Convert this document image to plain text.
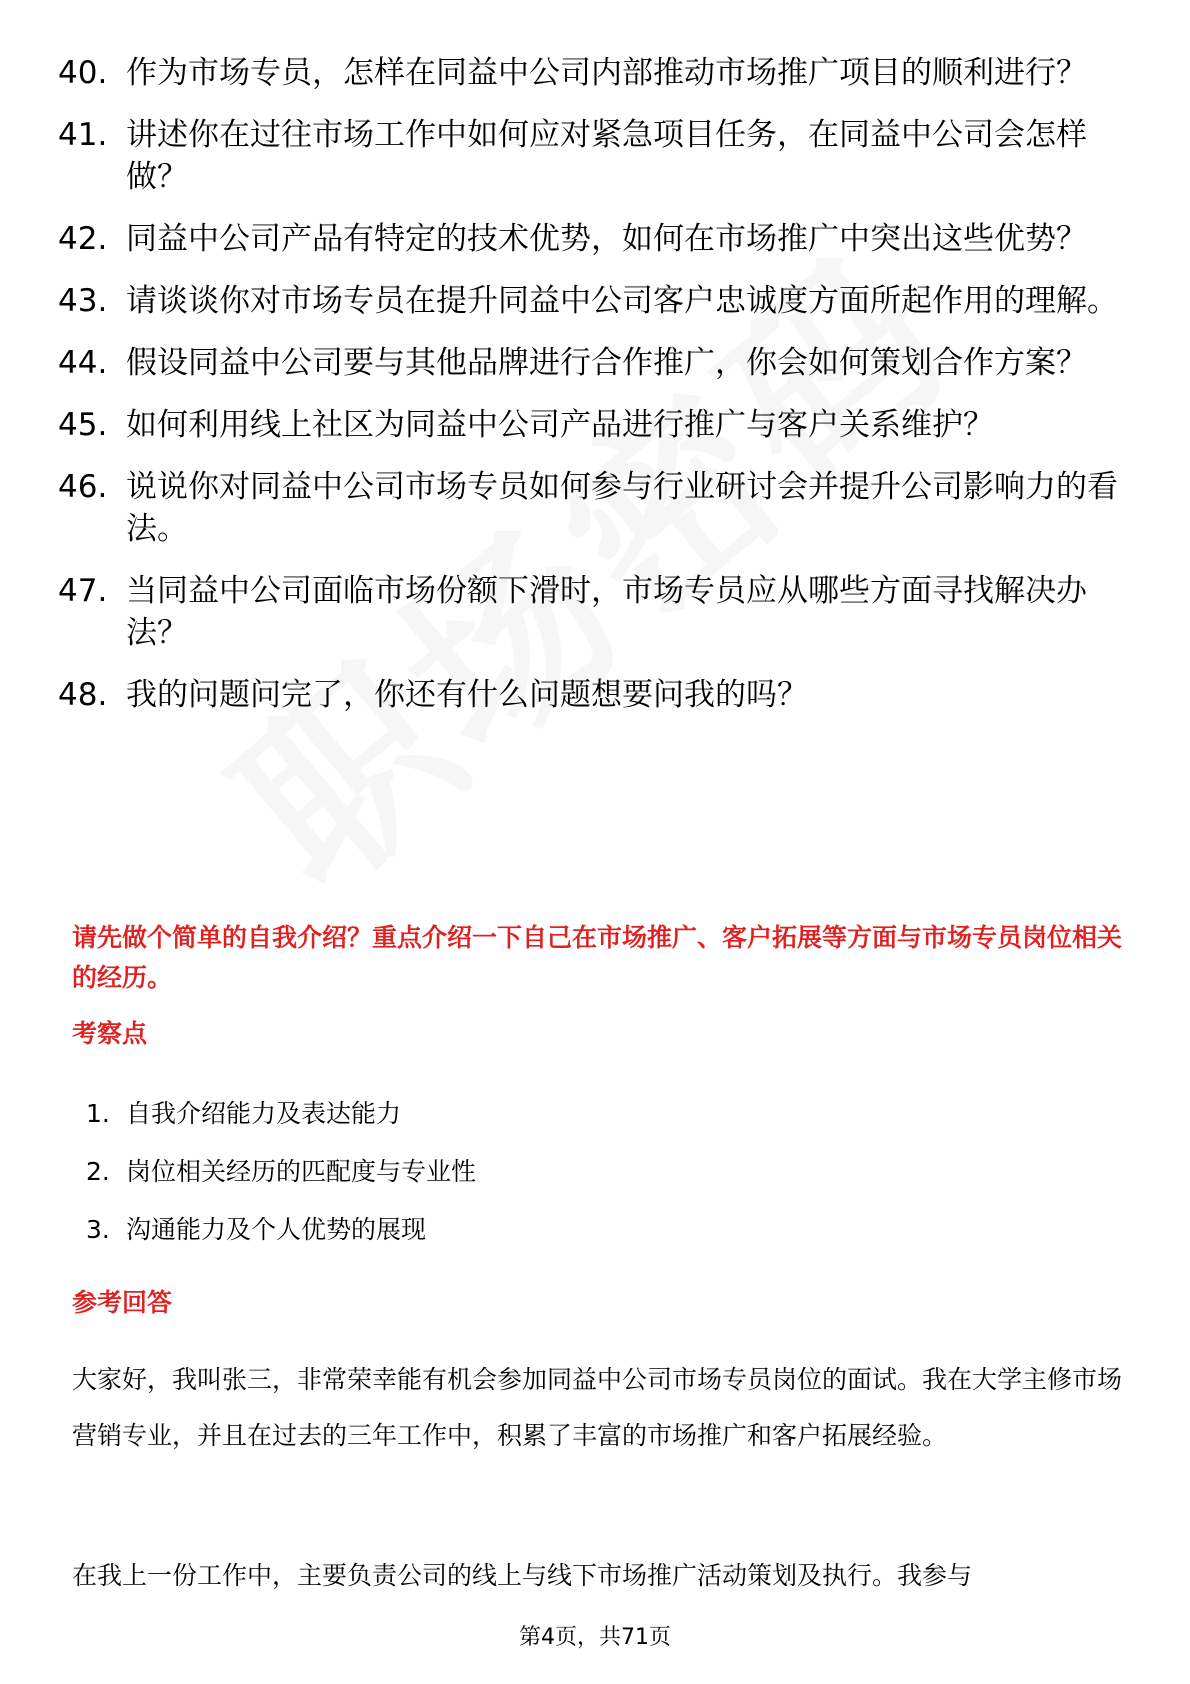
40. 作为市场专员，怎样在同益中公司内部推动市场推广项目的顺利进行？
41. 讲述你在过往市场工作中如何应对紧急项目任务，在同益中公司会怎样做？
42. 同益中公司产品有特定的技术优势，如何在市场推广中突出这些优势？
43. 请谈谈你对市场专员在提升同益中公司客户忠诚度方面所起作用的理解。
44. 假设同益中公司要与其他品牌进行合作推广，你会如何策划合作方案？
45. 如何利用线上社区为同益中公司产品进行推广与客户关系维护？
46. 说说你对同益中公司市场专员如何参与行业研讨会并提升公司影响力的看法。
47. 当同益中公司面临市场份额下滑时，市场专员应从哪些方面寻找解决办法？
48. 我的问题问完了，你还有什么问题想要问我的吗？
请先做个简单的自我介绍？重点介绍一下自己在市场推广、客户拓展等方面与市场专员岗位相关的经历。
考察点
1. 自我介绍能力及表达能力
2. 岗位相关经历的匹配度与专业性
3. 沟通能力及个人优势的展现
参考回答

大家好，我叫张三，非常荣幸能有机会参加同益中公司市场专员岗位的面试。我在大学主修市场营销专业，并且在过去的三年工作中，积累了丰富的市场推广和客户拓展经验。

在我上一份工作中，主要负责公司的线上与线下市场推广活动策划及执行。我参与

第4页，共71页
